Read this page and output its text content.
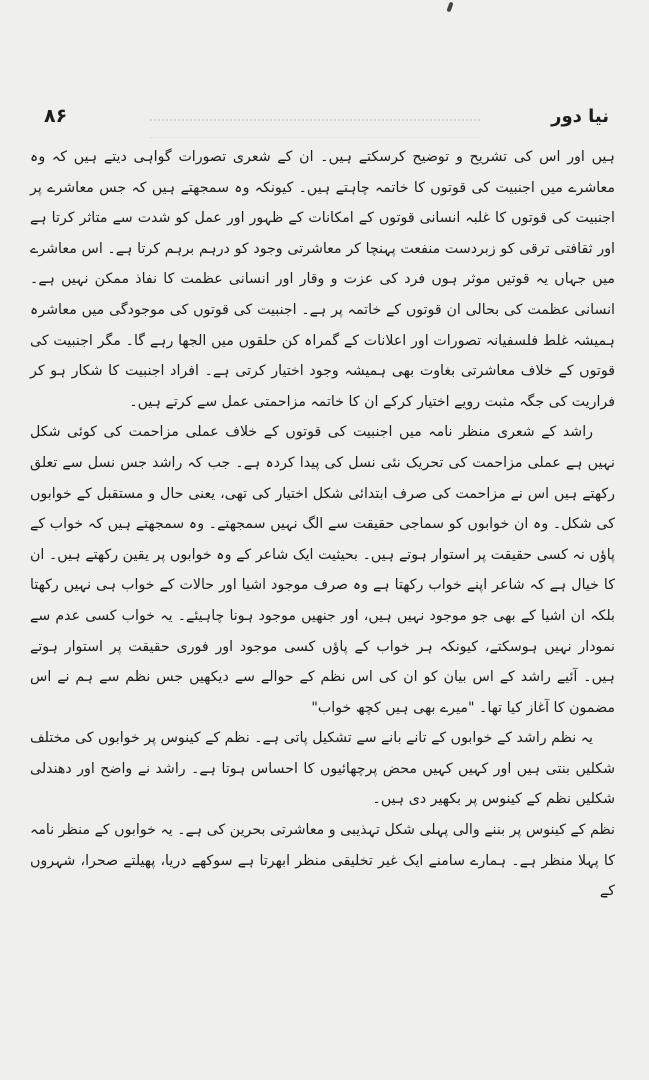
۸۶	نیا دور

ہیں اور اس کی تشریح و توضیح کرسکتے ہیں۔ ان کے شعری تصورات گواہی دیتے ہیں کہ وہ معاشرے میں اجنبیت کی قوتوں کا خاتمہ چاہتے ہیں۔ کیونکہ وہ سمجھتے ہیں کہ جس معاشرے پر اجنبیت کی قوتوں کا غلبہ انسانی قوتوں کے امکانات کے ظہور اور عمل کو شدت سے متاثر کرتا ہے اور ثقافتی ترقی کو زبردست منفعت پہنچا کر معاشرتی وجود کو درہم برہم کرتا ہے۔ اس معاشرے میں جہاں یہ قوتیں موثر ہوں فرد کی عزت و وقار اور انسانی عظمت کا نفاذ ممکن نہیں ہے۔ انسانی عظمت کی بحالی ان قوتوں کے خاتمہ پر ہے۔ اجنبیت کی قوتوں کی موجودگی میں معاشرہ ہمیشہ غلط فلسفیانہ تصورات اور اعلانات کے گمراہ کن حلقوں میں الجھا رہے گا۔ مگر اجنبیت کی قوتوں کے خلاف معاشرتی بغاوت بھی ہمیشہ وجود اختیار کرتی ہے۔ افراد اجنبیت کا شکار ہو کر فراریت کی جگہ مثبت رویے اختیار کرکے ان کا خاتمہ مزاحمتی عمل سے کرتے ہیں۔

راشد کے شعری منظر نامہ میں اجنبیت کی قوتوں کے خلاف عملی مزاحمت کی کوئی شکل نہیں ہے عملی مزاحمت کی تحریک نئی نسل کی پیدا کردہ ہے۔ جب کہ راشد جس نسل سے تعلق رکھتے ہیں اس نے مزاحمت کی صرف ابتدائی شکل اختیار کی تھی، یعنی حال و مستقبل کے خوابوں کی شکل۔ وہ ان خوابوں کو سماجی حقیقت سے الگ نہیں سمجھتے۔ وہ سمجھتے ہیں کہ خواب کے پاؤں نہ کسی حقیقت پر استوار ہوتے ہیں۔ بحیثیت ایک شاعر کے وہ خوابوں پر یقین رکھتے ہیں۔ ان کا خیال ہے کہ شاعر اپنے خواب رکھتا ہے وہ صرف موجود اشیا اور حالات کے خواب ہی نہیں رکھتا بلکہ ان اشیا کے بھی جو موجود نہیں ہیں، اور جنھیں موجود ہونا چاہیئے۔ یہ خواب کسی عدم سے نمودار نہیں ہوسکتے، کیونکہ ہر خواب کے پاؤں کسی موجود اور فوری حقیقت پر استوار ہوتے ہیں۔ آئیے راشد کے اس بیان کو ان کی اس نظم کے حوالے سے دیکھیں جس نظم سے ہم نے اس مضمون کا آغاز کیا تھا۔ "میرے بھی ہیں کچھ خواب"

یہ نظم راشد کے خوابوں کے تانے بانے سے تشکیل پاتی ہے۔ نظم کے کینوس پر خوابوں کی مختلف شکلیں بنتی ہیں اور کہیں کہیں محض پرچھائیوں کا احساس ہوتا ہے۔ راشد نے واضح اور دھندلی شکلیں نظم کے کینوس پر بکھیر دی ہیں۔

نظم کے کینوس پر بننے والی پہلی شکل تہذیبی و معاشرتی بحرین کی ہے۔ یہ خوابوں کے منظر نامہ کا پہلا منظر ہے۔ ہمارے سامنے ایک غیر تخلیقی منظر ابھرتا ہے سوکھے دریا، پھیلتے صحرا، شہروں کے
